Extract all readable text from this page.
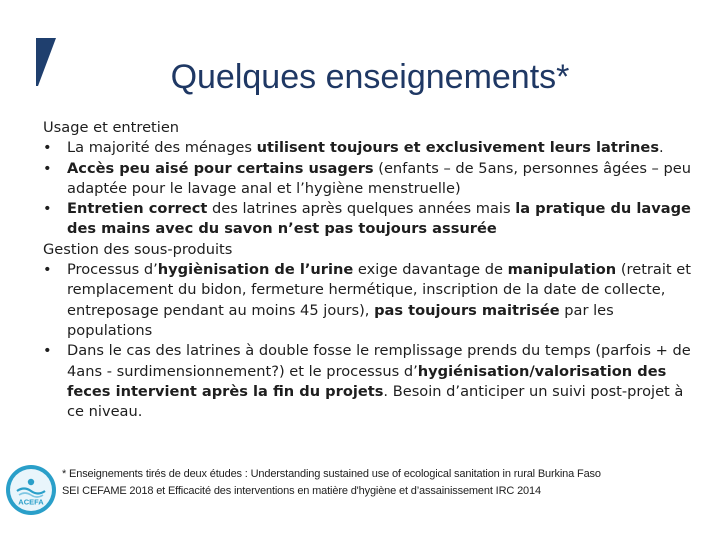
Quelques enseignements*

Usage et entretien

• La majorité des ménages utilisent toujours et exclusivement leurs latrines.
• Accès peu aisé pour certains usagers (enfants – de 5ans, personnes âgées – peu adaptée pour le lavage anal et l’hygiène menstruelle)
• Entretien correct des latrines après quelques années mais la pratique du lavage des mains avec du savon n’est pas toujours assurée

Gestion des sous-produits

• Processus d’hygiènisation de l’urine exige davantage de manipulation (retrait et remplacement du bidon, fermeture hermétique, inscription de la date de collecte, entreposage pendant au moins 45 jours), pas toujours maitrisée par les populations
• Dans le cas des latrines à double fosse le remplissage prends du temps (parfois + de 4ans - surdimensionnement?) et le processus d’hygiénisation/valorisation des feces intervient après la fin du projets. Besoin d’anticiper un suivi post-projet à ce niveau.
ACEFA
* Enseignements tirés de deux études : Understanding sustained use of ecological sanitation in rural Burkina Faso
SEI CEFAME 2018 et Efficacité des interventions en matière d'hygiène et d’assainissement IRC 2014
